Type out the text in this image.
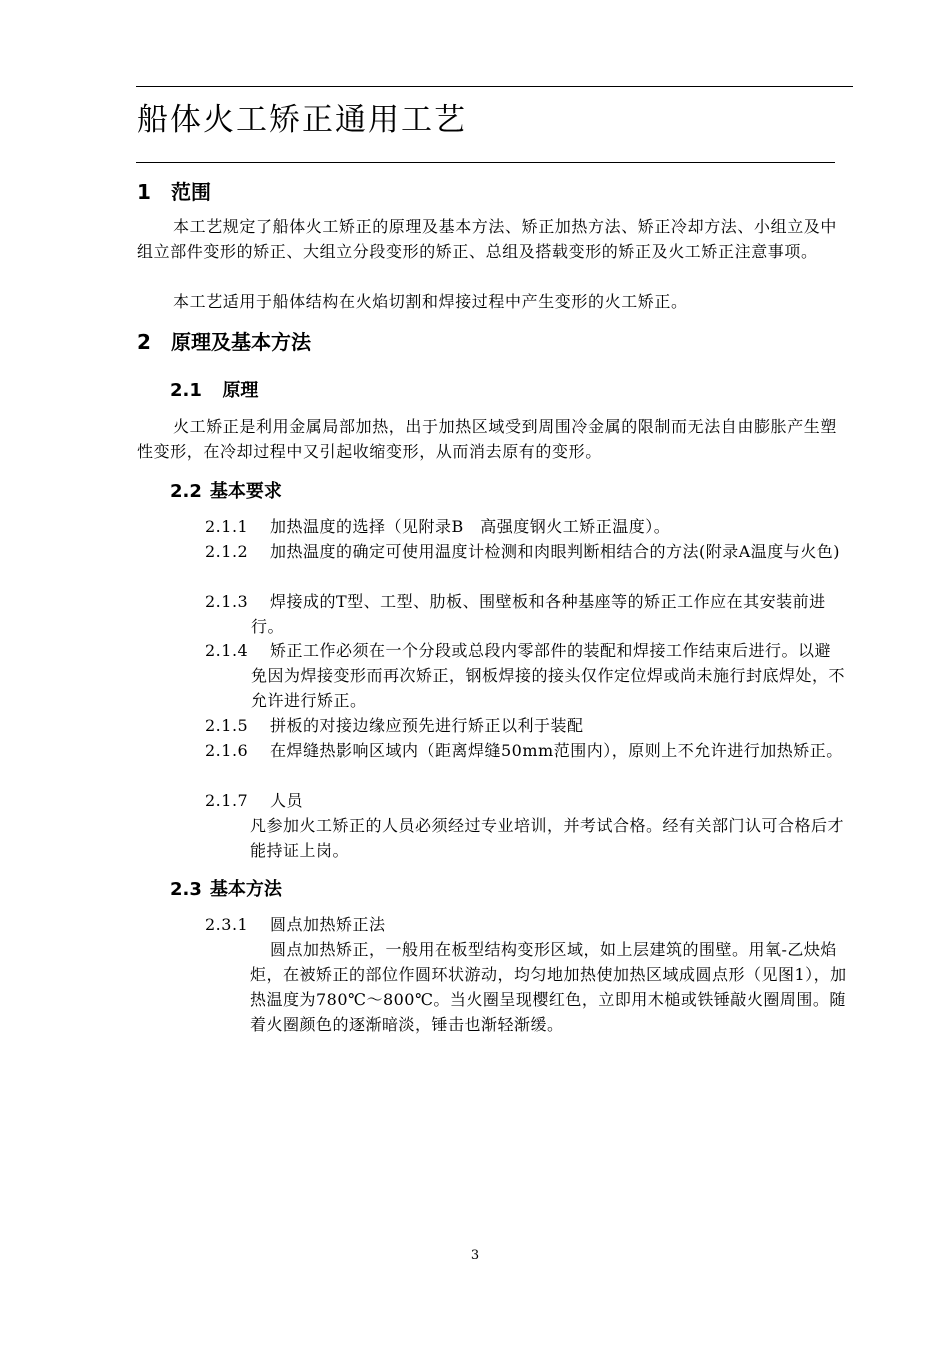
船体火工矫正通用工艺
1 范围

本工艺规定了船体火工矫正的原理及基本方法、矫正加热方法、矫正冷却方法、小组立及中组立部件变形的矫正、大组立分段变形的矫正、总组及搭载变形的矫正及火工矫正注意事项。

本工艺适用于船体结构在火焰切割和焊接过程中产生变形的火工矫正。

2 原理及基本方法
2.1 原理

火工矫正是利用金属局部加热，出于加热区域受到周围冷金属的限制而无法自由膨胀产生塑性变形，在冷却过程中又引起收缩变形，从而消去原有的变形。

2.2 基本要求
2.1.1	加热温度的选择（见附录B　高强度钢火工矫正温度）。
2.1.2	加热温度的确定可使用温度计检测和肉眼判断相结合的方法(附录A温度与火色)
2.1.3	焊接成的T型、工型、肋板、围壁板和各种基座等的矫正工作应在其安装前进行。
2.1.4	矫正工作必须在一个分段或总段内零部件的装配和焊接工作结束后进行。以避免因为焊接变形而再次矫正，钢板焊接的接头仅作定位焊或尚未施行封底焊处，不允许进行矫正。
2.1.5	拼板的对接边缘应预先进行矫正以利于装配
2.1.6	在焊缝热影响区域内（距离焊缝50mm范围内），原则上不允许进行加热矫正。
2.1.7	人员
凡参加火工矫正的人员必须经过专业培训，并考试合格。经有关部门认可合格后才能持证上岗。
2.3 基本方法
2.3.1	圆点加热矫正法
圆点加热矫正，一般用在板型结构变形区域，如上层建筑的围壁。用氧-乙炔焰炬，在被矫正的部位作圆环状游动，均匀地加热使加热区域成圆点形（见图1），加热温度为780℃～800℃。当火圈呈现樱红色，立即用木槌或铁锤敲火圈周围。随着火圈颜色的逐渐暗淡，锤击也渐轻渐缓。
3
